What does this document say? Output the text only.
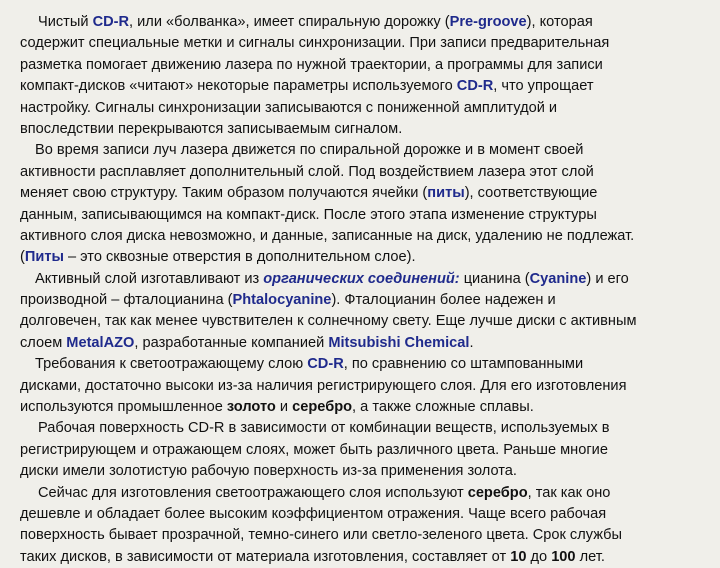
Чистый CD-R, или «болванка», имеет спиральную дорожку (Pre-groove), которая
содержит специальные метки и сигналы синхронизации. При записи предварительная
разметка помогает движению лазера по нужной траектории, а программы для записи
компакт-дисков «читают» некоторые параметры используемого CD-R, что упрощает
настройку. Сигналы синхронизации записываются с пониженной амплитудой и
впоследствии перекрываются записываемым сигналом.
Во время записи луч лазера движется по спиральной дорожке и в момент своей
активности расплавляет дополнительный слой. Под воздействием лазера этот слой
меняет свою структуру. Таким образом получаются ячейки (питы), соответствующие
данным, записывающимся на компакт-диск. После этого этапа изменение структуры
активного слоя диска невозможно, и данные, записанные на диск, удалению не подлежат.
(Питы – это сквозные отверстия в дополнительном слое).
Активный слой изготавливают из органических соединений: цианина (Cyanine) и его
производной – фталоцианина (Phtalocyanine). Фталоцианин более надежен и
долговечен, так как менее чувствителен к солнечному свету. Еще лучше диски с активным
слоем MetalAZO, разработанные компанией Mitsubishi Chemical.
Требования к светоотражающему слою CD-R, по сравнению со штампованными
дисками, достаточно высоки из-за наличия регистрирующего слоя. Для его изготовления
используются промышленное золото и серебро, а также сложные сплавы.
Рабочая поверхность CD-R в зависимости от комбинации веществ, используемых в
регистрирующем и отражающем слоях, может быть различного цвета. Раньше многие
диски имели золотистую рабочую поверхность из-за применения золота.
Сейчас для изготовления светоотражающего слоя используют серебро, так как оно
дешевле и обладает более высоким коэффициентом отражения. Чаще всего рабочая
поверхность бывает прозрачной, темно-синего или светло-зеленого цвета. Срок службы
таких дисков, в зависимости от материала изготовления, составляет от 10 до 100 лет.
